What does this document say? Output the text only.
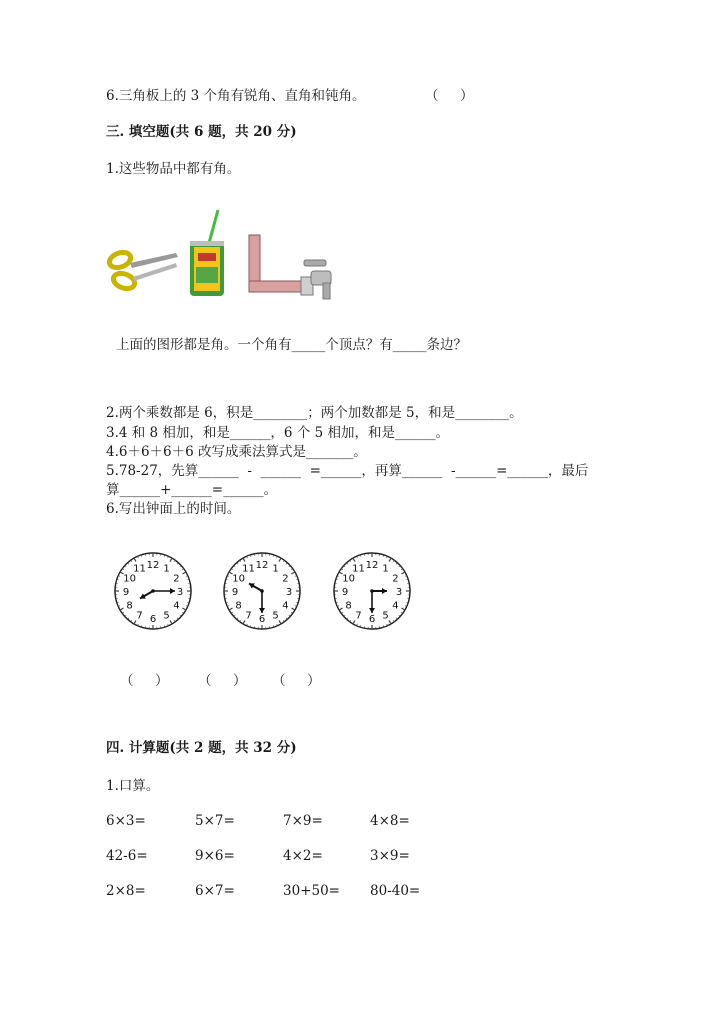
6.三角板上的 3 个角有锐角、直角和钝角。	（     ）
三. 填空题(共 6 题，共 20 分)
1.这些物品中都有角。
上面的图形都是角。一个角有_____个顶点？有_____条边？
2.两个乘数都是 6，积是________；两个加数都是 5，和是________。
3.4 和 8 相加，和是______，6 个 5 相加，和是______。
4.6＋6＋6＋6 改写成乘法算式是_______。
5.78-27，先算______  -  ______  =______，再算______  -______=______，最后
算______+______=______。
6.写出钟面上的时间。
12 1
2
3
4
5
6
7
8
9
10
11	12 1
2
3
4
5
6
7
8
9
10
11	12 1
2
3
4
5
6
7
8
9
10
11
（     ） （     ） （     ）
四. 计算题(共 2 题，共 32 分)
1.口算。
6×3=	5×7=	7×9=	4×8=
42-6=	9×6=	4×2=	3×9=
2×8=	6×7=	30+50= 80-40=
